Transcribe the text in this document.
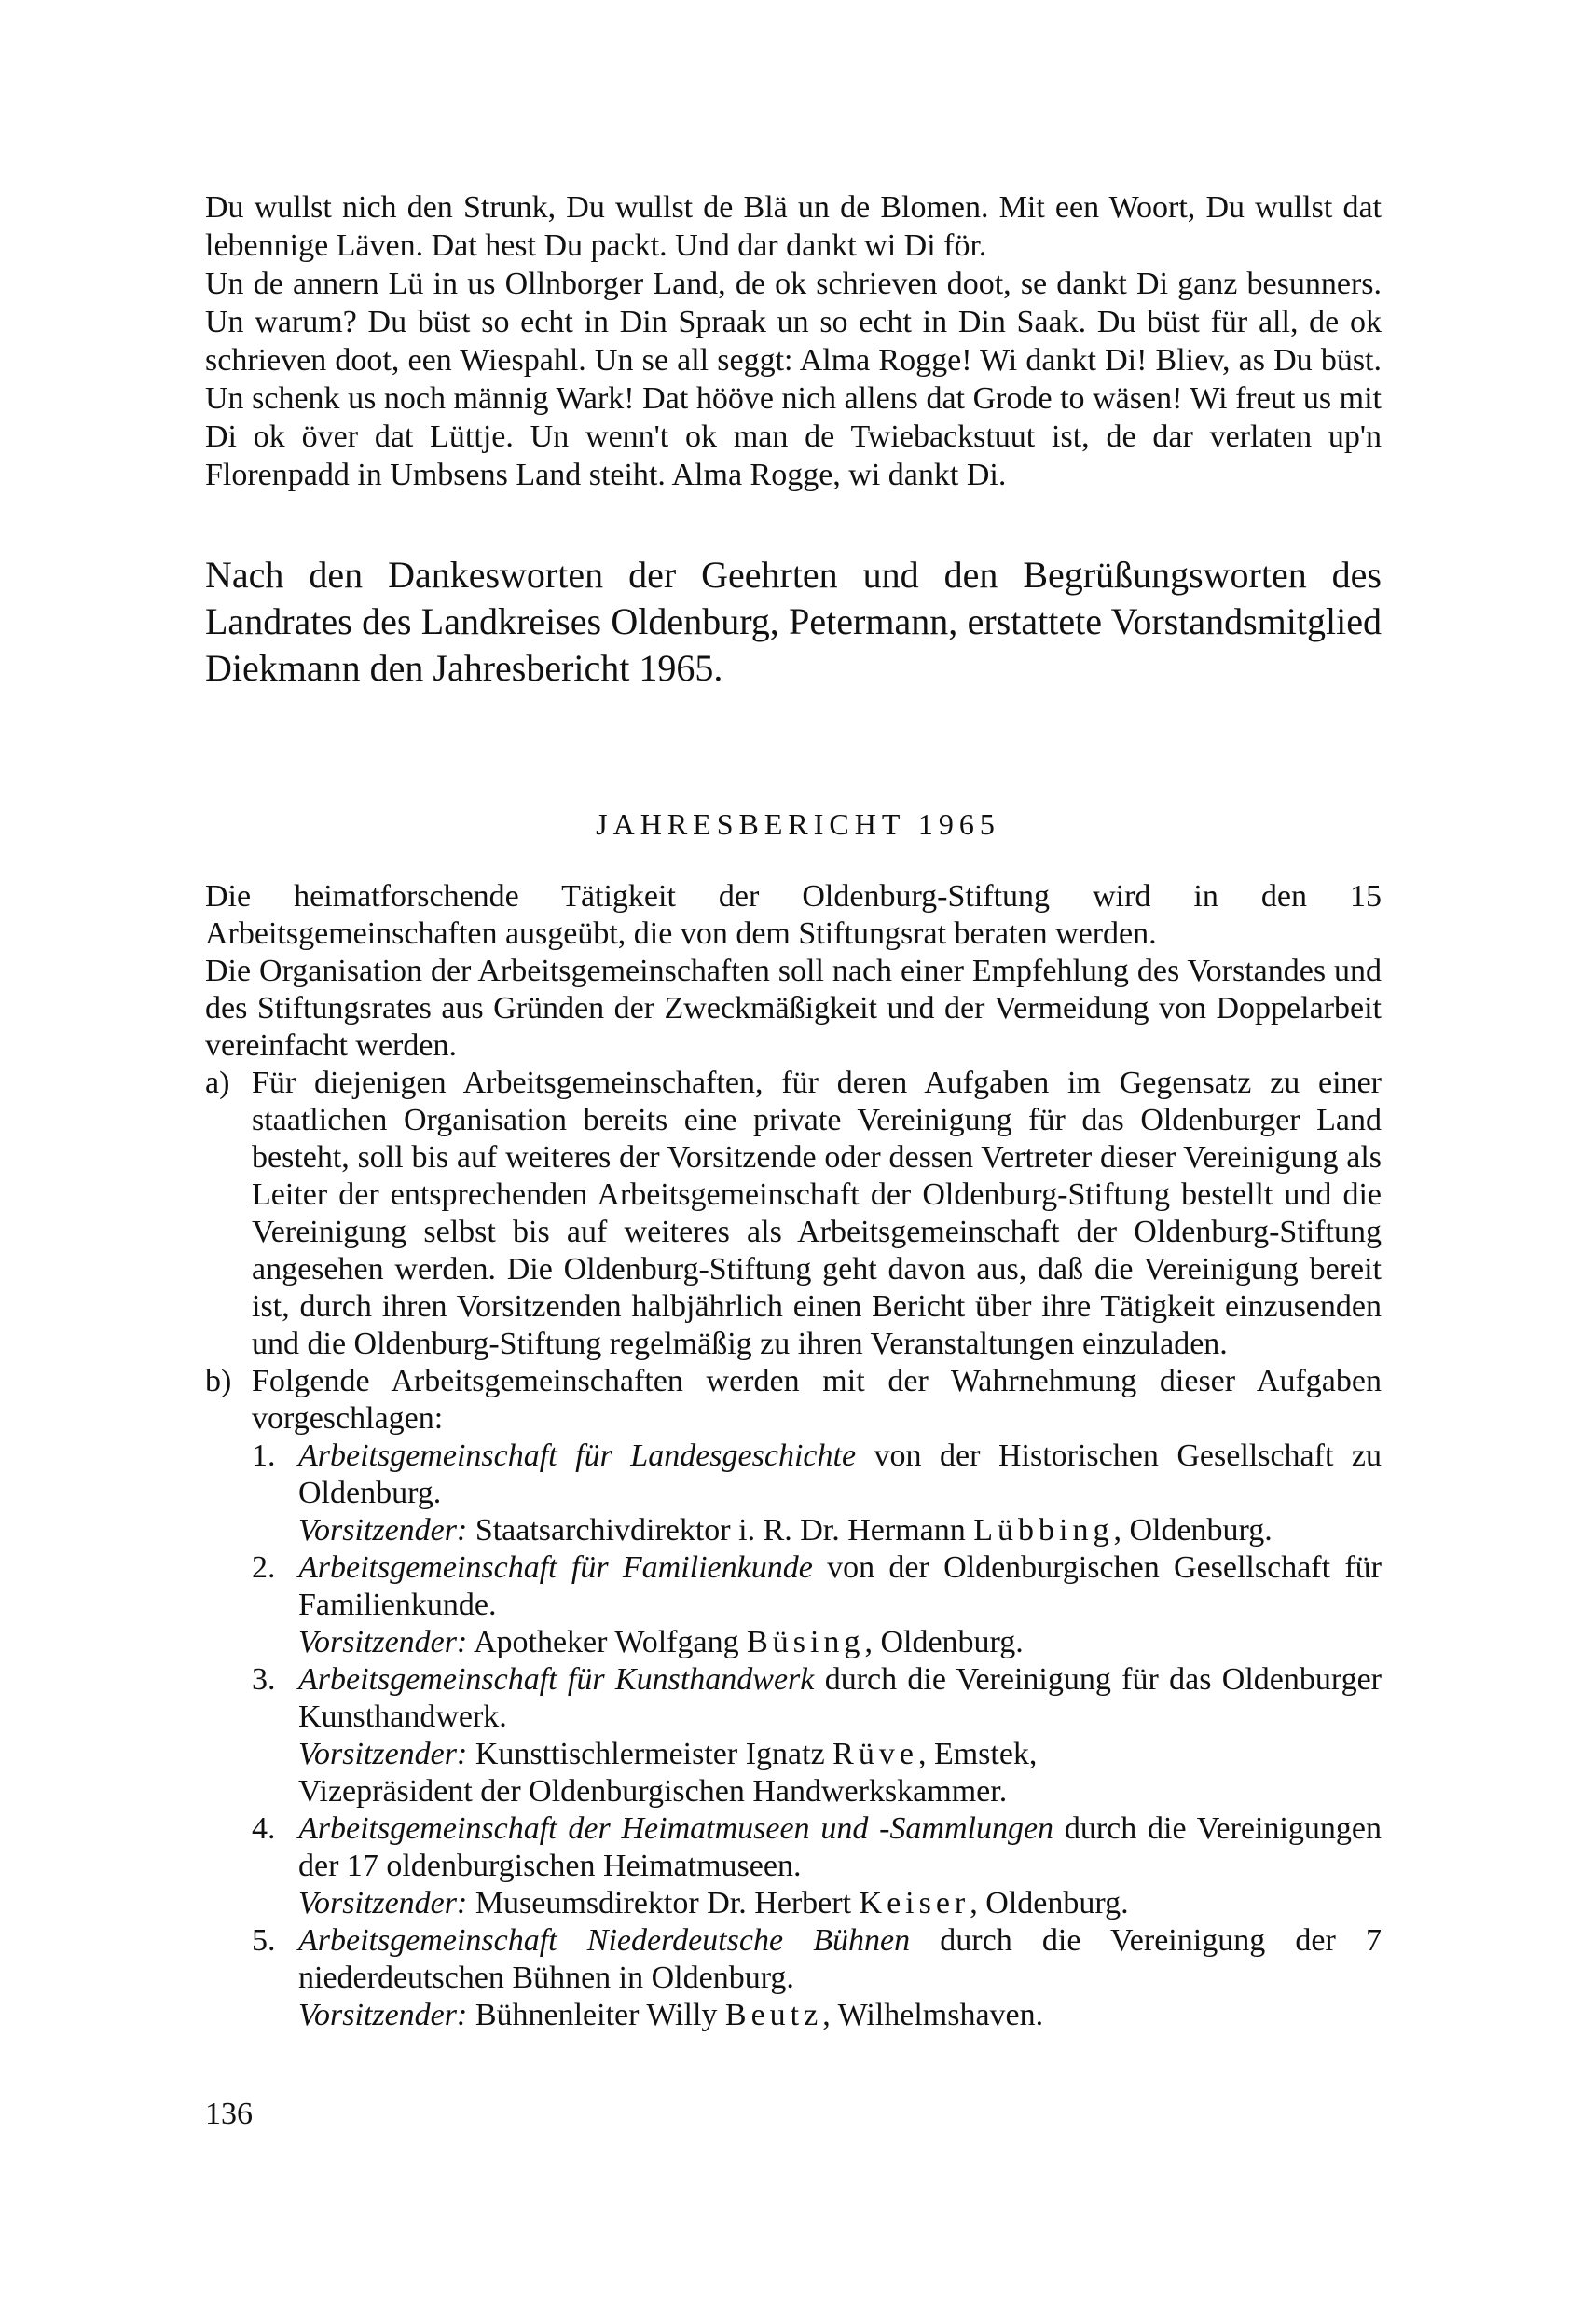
Du wullst nich den Strunk, Du wullst de Blä un de Blomen. Mit een Woort, Du wullst dat lebennige Läven. Dat hest Du packt. Und dar dankt wi Di för.

Un de annern Lü in us Ollnborger Land, de ok schrieven doot, se dankt Di ganz besunners. Un warum? Du büst so echt in Din Spraak un so echt in Din Saak. Du büst für all, de ok schrieven doot, een Wiespahl. Un se all seggt: Alma Rogge! Wi dankt Di! Bliev, as Du büst. Un schenk us noch männig Wark! Dat hööve nich allens dat Grode to wäsen! Wi freut us mit Di ok över dat Lüttje. Un wenn't ok man de Twiebackstuut ist, de dar verlaten up'n Florenpadd in Umbsens Land steiht. Alma Rogge, wi dankt Di.

Nach den Dankesworten der Geehrten und den Begrüßungsworten des Landrates des Landkreises Oldenburg, Petermann, erstattete Vorstandsmitglied Diekmann den Jahresbericht 1965.

JAHRESBERICHT 1965

Die heimatforschende Tätigkeit der Oldenburg-Stiftung wird in den 15 Arbeitsgemeinschaften ausgeübt, die von dem Stiftungsrat beraten werden.

Die Organisation der Arbeitsgemeinschaften soll nach einer Empfehlung des Vorstandes und des Stiftungsrates aus Gründen der Zweckmäßigkeit und der Vermeidung von Doppelarbeit vereinfacht werden.

a) Für diejenigen Arbeitsgemeinschaften, für deren Aufgaben im Gegensatz zu einer staatlichen Organisation bereits eine private Vereinigung für das Oldenburger Land besteht, soll bis auf weiteres der Vorsitzende oder dessen Vertreter dieser Vereinigung als Leiter der entsprechenden Arbeitsgemeinschaft der Oldenburg-Stiftung bestellt und die Vereinigung selbst bis auf weiteres als Arbeitsgemeinschaft der Oldenburg-Stiftung angesehen werden. Die Oldenburg-Stiftung geht davon aus, daß die Vereinigung bereit ist, durch ihren Vorsitzenden halbjährlich einen Bericht über ihre Tätigkeit einzusenden und die Oldenburg-Stiftung regelmäßig zu ihren Veranstaltungen einzuladen.
b) Folgende Arbeitsgemeinschaften werden mit der Wahrnehmung dieser Aufgaben vorgeschlagen:
1. Arbeitsgemeinschaft für Landesgeschichte von der Historischen Gesellschaft zu Oldenburg.

Vorsitzender: Staatsarchivdirektor i. R. Dr. Hermann Lübbing, Oldenburg.

2. Arbeitsgemeinschaft für Familienkunde von der Oldenburgischen Gesellschaft für Familienkunde.

Vorsitzender: Apotheker Wolfgang Büsing, Oldenburg.

3. Arbeitsgemeinschaft für Kunsthandwerk durch die Vereinigung für das Oldenburger Kunsthandwerk.

Vorsitzender: Kunsttischlermeister Ignatz Rüve, Emstek,

Vizepräsident der Oldenburgischen Handwerkskammer.

4. Arbeitsgemeinschaft der Heimatmuseen und -Sammlungen durch die Vereinigungen der 17 oldenburgischen Heimatmuseen.

Vorsitzender: Museumsdirektor Dr. Herbert Keiser, Oldenburg.

5. Arbeitsgemeinschaft Niederdeutsche Bühnen durch die Vereinigung der 7 niederdeutschen Bühnen in Oldenburg.

Vorsitzender: Bühnenleiter Willy Beutz, Wilhelmshaven.

136
